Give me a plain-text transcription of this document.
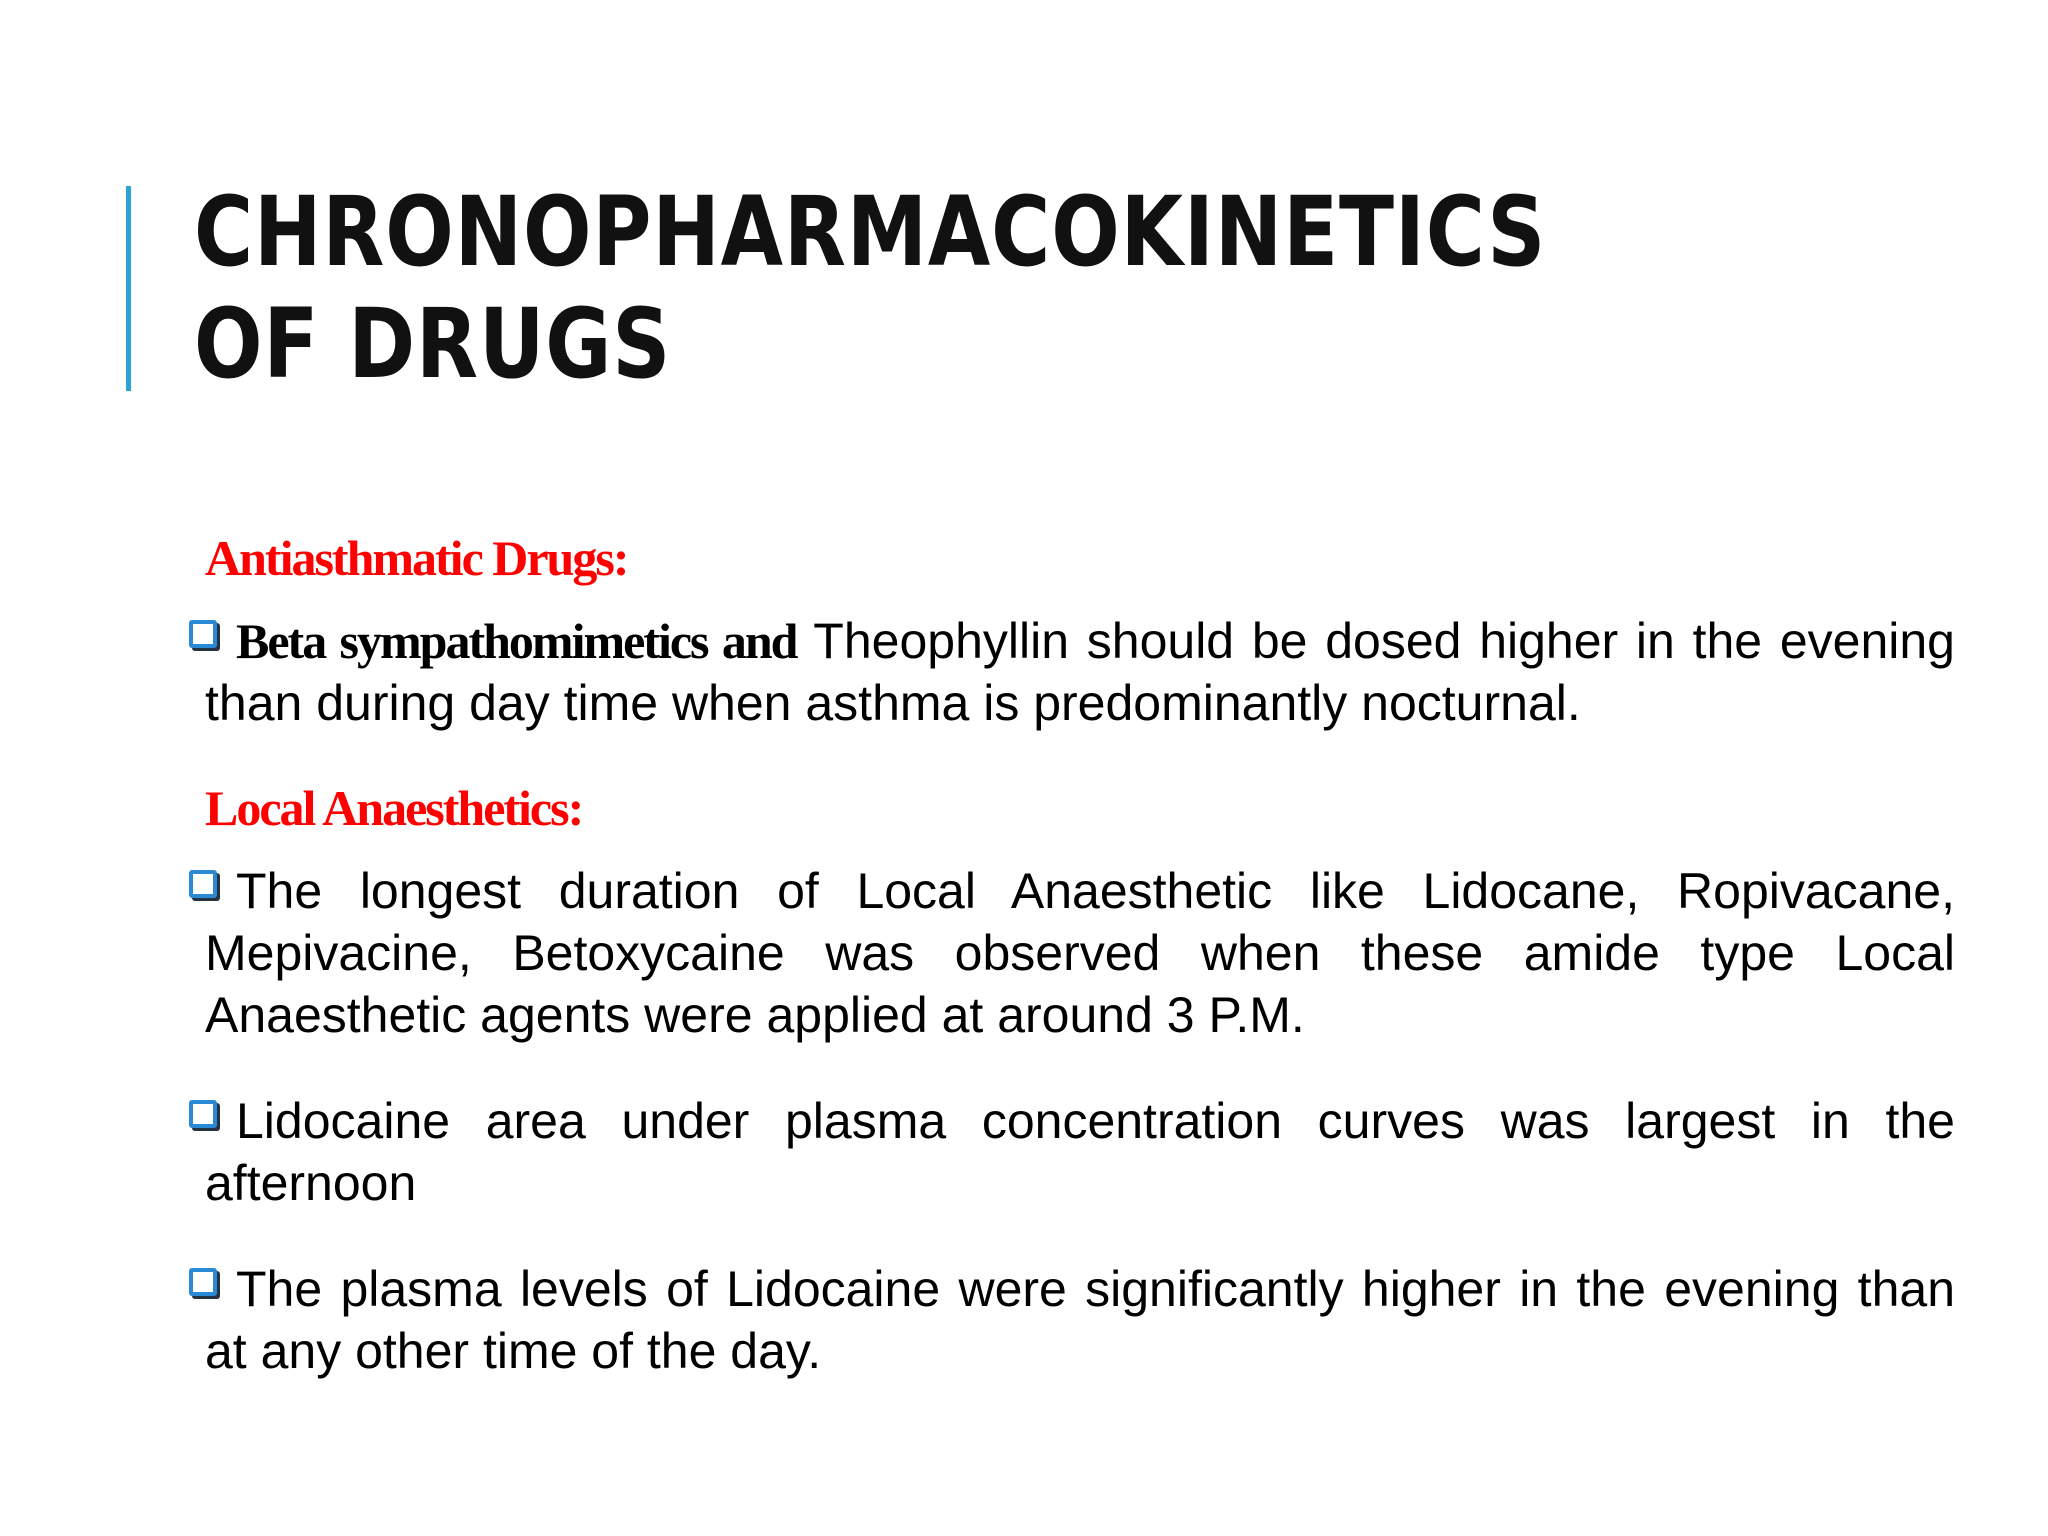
CHRONOPHARMACOKINETICS OF DRUGS
Antiasthmatic Drugs:

Beta sympathomimetics and Theophyllin should be dosed higher in the evening than during day time when asthma is predominantly nocturnal.

Local Anaesthetics:

The longest duration of Local Anaesthetic like Lidocane, Ropivacane, Mepivacine, Betoxycaine was observed when these amide type Local Anaesthetic agents were applied at around 3 P.M.

Lidocaine area under plasma concentration curves was largest in the afternoon

The plasma levels of Lidocaine were significantly higher in the evening than at any other time of the day.
